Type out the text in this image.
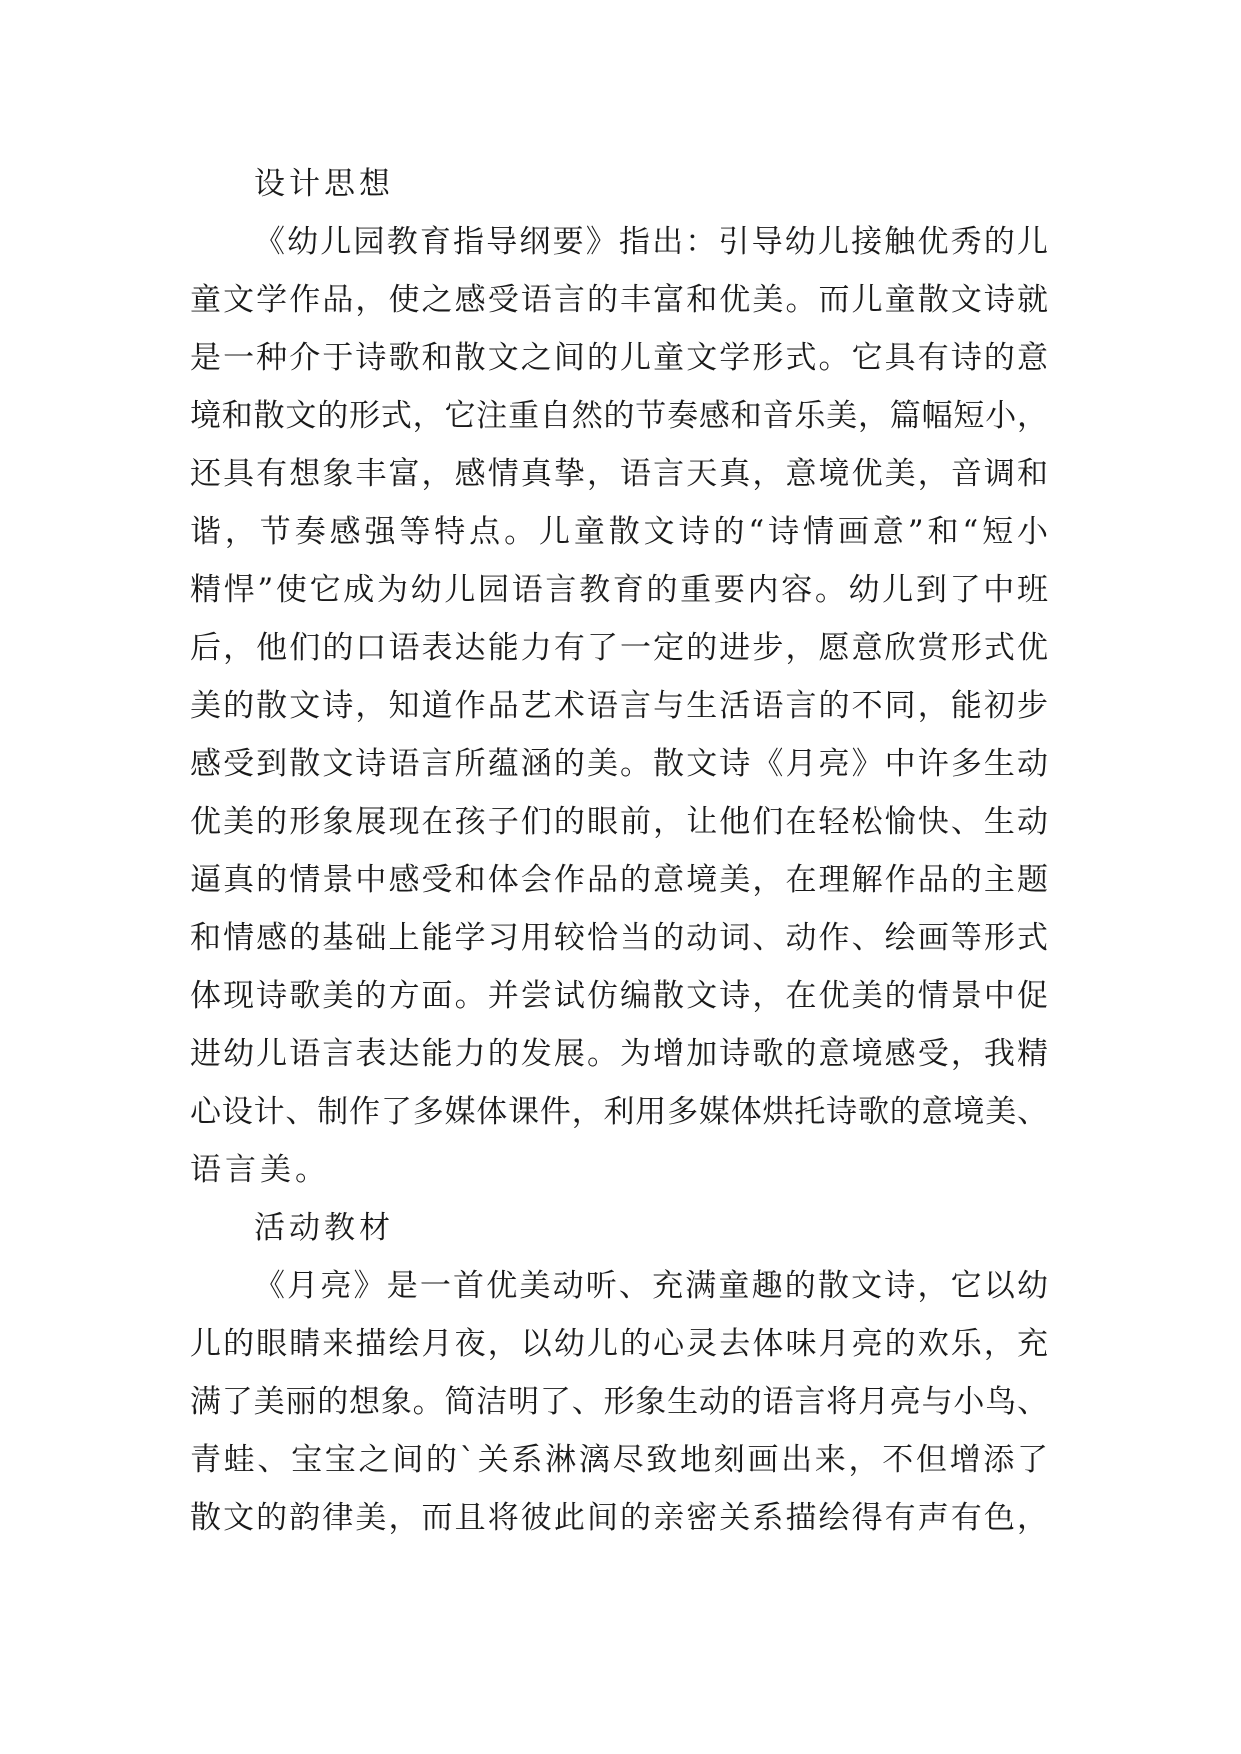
设计思想
《幼儿园教育指导纲要》指出：引导幼儿接触优秀的儿
童文学作品，使之感受语言的丰富和优美。而儿童散文诗就
是一种介于诗歌和散文之间的儿童文学形式。它具有诗的意
境和散文的形式，它注重自然的节奏感和音乐美，篇幅短小，
还具有想象丰富，感情真挚，语言天真，意境优美，音调和
谐，节奏感强等特点。儿童散文诗的“诗情画意”和“短小
精悍”使它成为幼儿园语言教育的重要内容。幼儿到了中班
后，他们的口语表达能力有了一定的进步，愿意欣赏形式优
美的散文诗，知道作品艺术语言与生活语言的不同，能初步
感受到散文诗语言所蕴涵的美。散文诗《月亮》中许多生动
优美的形象展现在孩子们的眼前，让他们在轻松愉快、生动
逼真的情景中感受和体会作品的意境美，在理解作品的主题
和情感的基础上能学习用较恰当的动词、动作、绘画等形式
体现诗歌美的方面。并尝试仿编散文诗，在优美的情景中促
进幼儿语言表达能力的发展。为增加诗歌的意境感受，我精
心设计、制作了多媒体课件，利用多媒体烘托诗歌的意境美、
语言美。
活动教材
《月亮》是一首优美动听、充满童趣的散文诗，它以幼
儿的眼睛来描绘月夜，以幼儿的心灵去体味月亮的欢乐，充
满了美丽的想象。简洁明了、形象生动的语言将月亮与小鸟、
青蛙、宝宝之间的`关系淋漓尽致地刻画出来，不但增添了
散文的韵律美，而且将彼此间的亲密关系描绘得有声有色，
